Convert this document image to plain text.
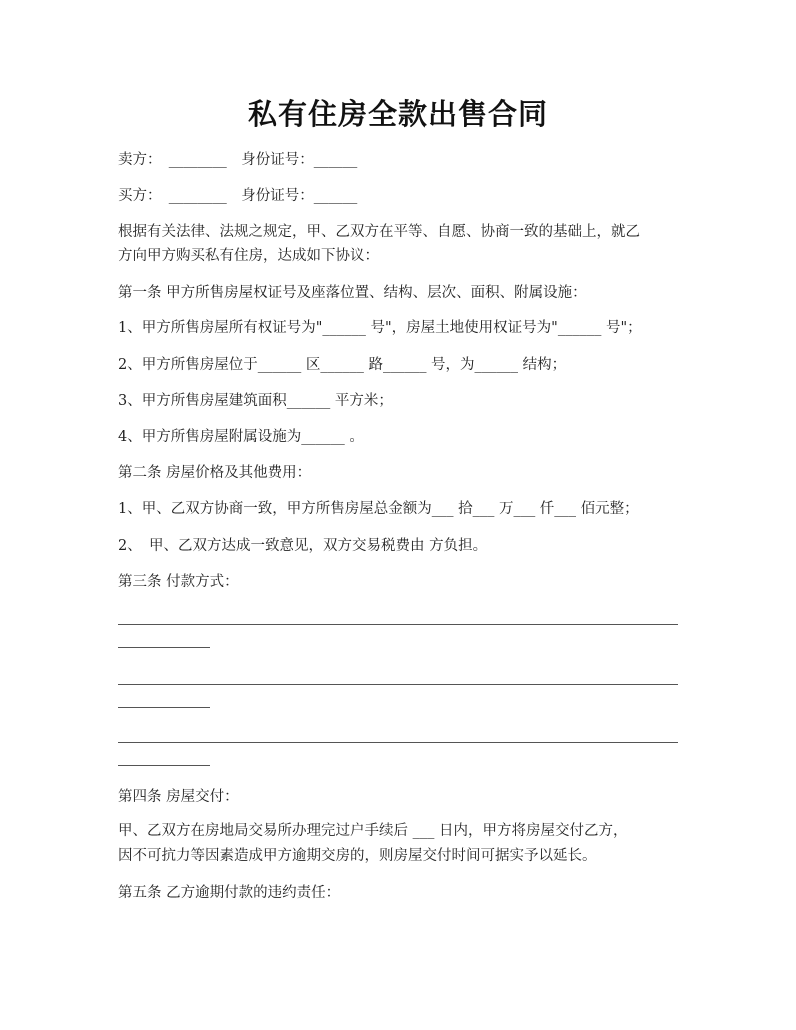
私有住房全款出售合同
卖方：　________　身份证号：______
买方：　________　身份证号：______
根据有关法律、法规之规定，甲、乙双方在平等、自愿、协商一致的基础上，就乙
方向甲方购买私有住房，达成如下协议：
第一条 甲方所售房屋权证号及座落位置、结构、层次、面积、附属设施：
1、甲方所售房屋所有权证号为"______ 号"，房屋土地使用权证号为"______ 号"；
2、甲方所售房屋位于______ 区______ 路______ 号，为______ 结构；
3、甲方所售房屋建筑面积______ 平方米；
4、甲方所售房屋附属设施为______ 。
第二条 房屋价格及其他费用：
1、甲、乙双方协商一致，甲方所售房屋总金额为___ 拾___ 万___ 仟___ 佰元整；
2、　甲、乙双方达成一致意见，双方交易税费由 方负担。
第三条 付款方式：
第四条 房屋交付：
甲、乙双方在房地局交易所办理完过户手续后 ___ 日内，甲方将房屋交付乙方，
因不可抗力等因素造成甲方逾期交房的，则房屋交付时间可据实予以延长。
第五条 乙方逾期付款的违约责任：
